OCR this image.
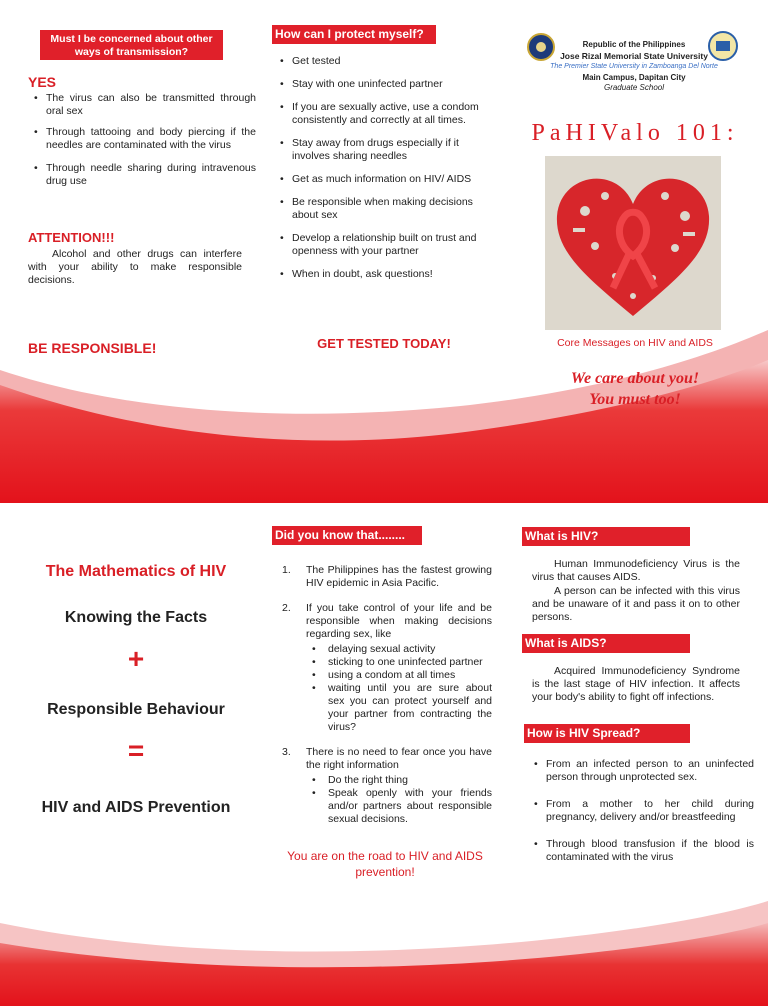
Must I be concerned about other ways of transmission?
YES
• The virus can also be transmitted through oral sex
• Through tattooing and body piercing if the needles are contaminated with the virus
• Through needle sharing during intravenous drug use
ATTENTION!!!
Alcohol and other drugs can interfere with your ability to make responsible decisions.
BE RESPONSIBLE!
How can I protect myself?
• Get tested
• Stay with one uninfected partner
• If you are sexually active, use a condom consistently and correctly at all times.
• Stay away from drugs especially if it involves sharing needles
• Get as much information on HIV/ AIDS
• Be responsible when making decisions about sex
• Develop a relationship built on trust and openness with your partner
• When in doubt, ask questions!
GET TESTED TODAY!
Republic of the Philippines
Jose Rizal Memorial State University
The Premier State University in Zamboanga Del Norte
Main Campus, Dapitan City
Graduate School
PaHIValo 101:
Core Messages on HIV and AIDS
We care about you!
You must too!
The Mathematics of HIV
Knowing the Facts
+
Responsible Behaviour
=
HIV and AIDS Prevention
Did you know that........
1. The Philippines has the fastest growing HIV epidemic in Asia Pacific.
2. If you take control of your life and be responsible when making decisions regarding sex, like
• delaying sexual activity
• sticking to one uninfected partner
• using a condom at all times
• waiting until you are sure about sex you can protect yourself and your partner from contracting the virus?
3. There is no need to fear once you have the right information
• Do the right thing
• Speak openly with your friends and/or partners about responsible sexual decisions.
You are on the road to HIV and AIDS prevention!
What is HIV?
Human Immunodeficiency Virus is the virus that causes AIDS.
A person can be infected with this virus and be unaware of it and pass it on to other persons.
What is AIDS?
Acquired Immunodeficiency Syndrome is the last stage of HIV infection. It affects your body's ability to fight off infections.
How is HIV Spread?
• From an infected person to an uninfected person through unprotected sex.
• From a mother to her child during pregnancy, delivery and/or breastfeeding
• Through blood transfusion if the blood is contaminated with the virus
